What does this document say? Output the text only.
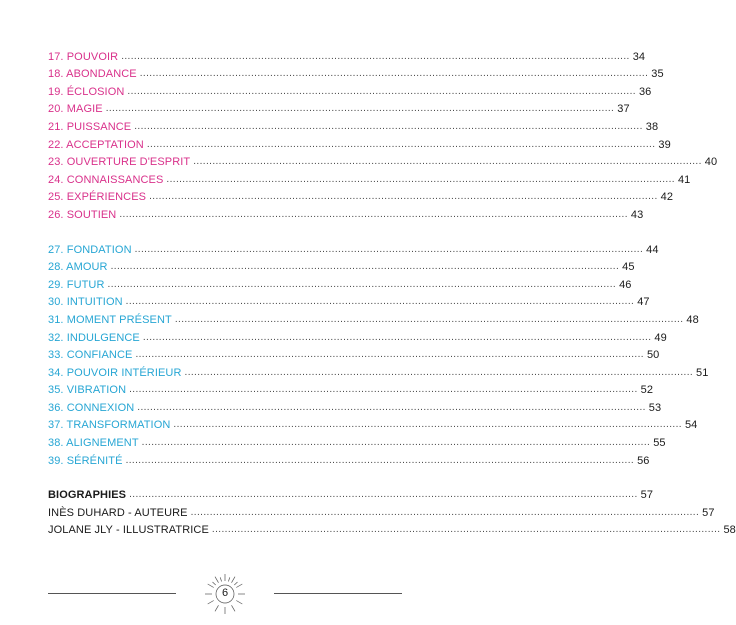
17. POUVOIR ................................................................................................................................................................ 34
18. ABONDANCE ................................................................................................................................................................ 35
19. ÉCLOSION ................................................................................................................................................................ 36
20. MAGIE ................................................................................................................................................................ 37
21. PUISSANCE ................................................................................................................................................................ 38
22. ACCEPTATION ................................................................................................................................................................ 39
23. OUVERTURE D'ESPRIT ................................................................................................................................................................ 40
24. CONNAISSANCES ................................................................................................................................................................ 41
25. EXPÉRIENCES ................................................................................................................................................................ 42
26. SOUTIEN ................................................................................................................................................................ 43
27. FONDATION ................................................................................................................................................................ 44
28. AMOUR ................................................................................................................................................................ 45
29. FUTUR ................................................................................................................................................................ 46
30. INTUITION ................................................................................................................................................................ 47
31. MOMENT PRÉSENT ................................................................................................................................................................ 48
32. INDULGENCE ................................................................................................................................................................ 49
33. CONFIANCE ................................................................................................................................................................ 50
34. POUVOIR INTÉRIEUR ................................................................................................................................................................ 51
35. VIBRATION ................................................................................................................................................................ 52
36. CONNEXION ................................................................................................................................................................ 53
37. TRANSFORMATION ................................................................................................................................................................ 54
38. ALIGNEMENT ................................................................................................................................................................ 55
39. SÉRÉNITÉ ................................................................................................................................................................ 56
BIOGRAPHIES ................................................................................................................................................................ 57
INÈS DUHARD - AUTEURE ................................................................................................................................................................ 57
JOLANE JLY - ILLUSTRATRICE ................................................................................................................................................................ 58
6
